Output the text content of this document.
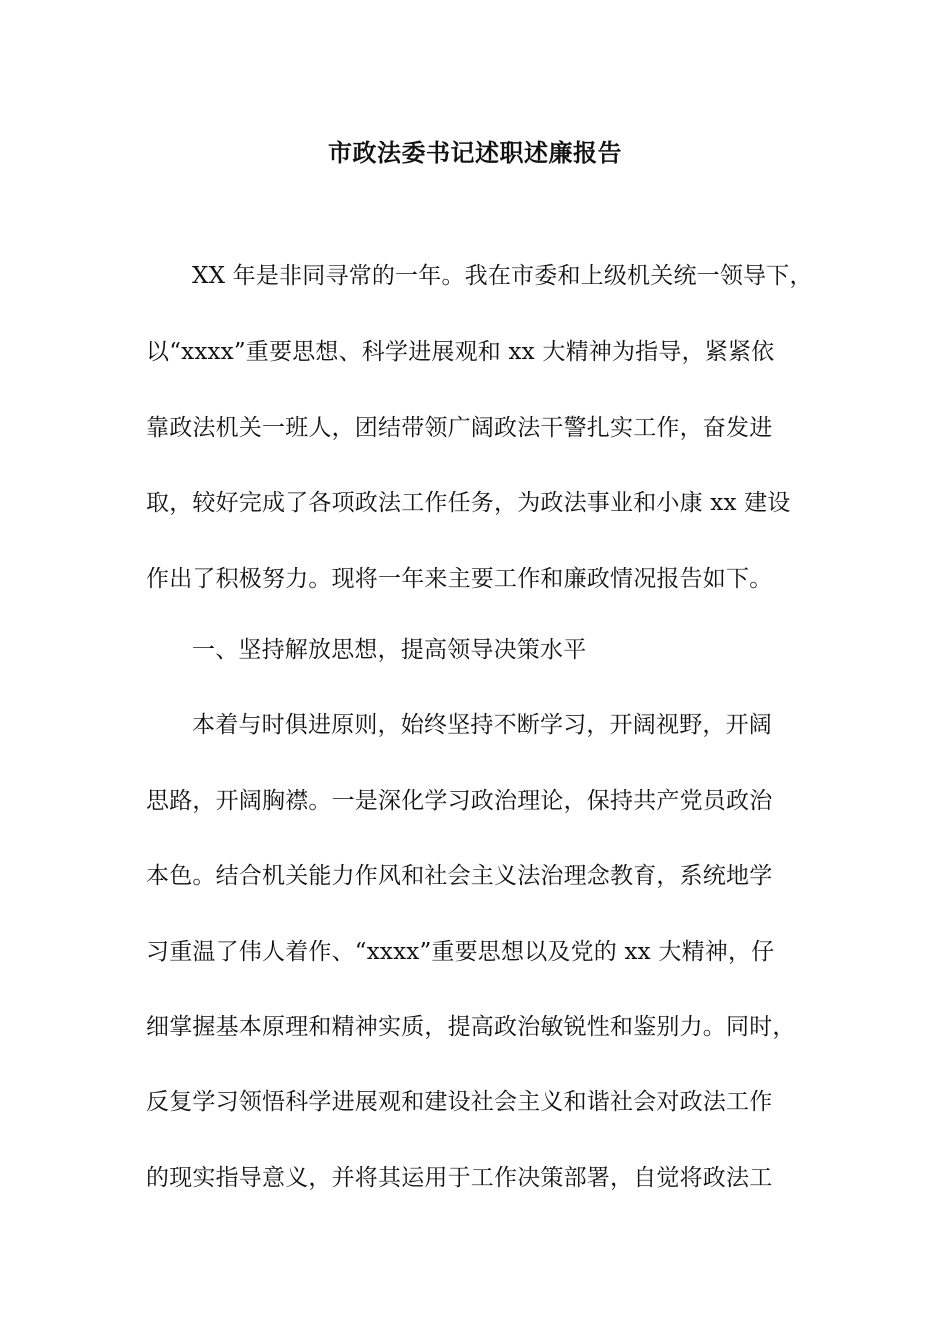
市政法委书记述职述廉报告
XX 年是非同寻常的一年。我在市委和上级机关统一领导下，
以“xxxx”重要思想、科学进展观和 xx 大精神为指导，紧紧依
靠政法机关一班人，团结带领广阔政法干警扎实工作，奋发进
取，较好完成了各项政法工作任务，为政法事业和小康 xx 建设
作出了积极努力。现将一年来主要工作和廉政情况报告如下。
一、坚持解放思想，提高领导决策水平
本着与时俱进原则，始终坚持不断学习，开阔视野，开阔
思路，开阔胸襟。一是深化学习政治理论，保持共产党员政治
本色。结合机关能力作风和社会主义法治理念教育，系统地学
习重温了伟人着作、“xxxx”重要思想以及党的 xx 大精神，仔
细掌握基本原理和精神实质，提高政治敏锐性和鉴别力。同时，
反复学习领悟科学进展观和建设社会主义和谐社会对政法工作
的现实指导意义，并将其运用于工作决策部署，自觉将政法工
